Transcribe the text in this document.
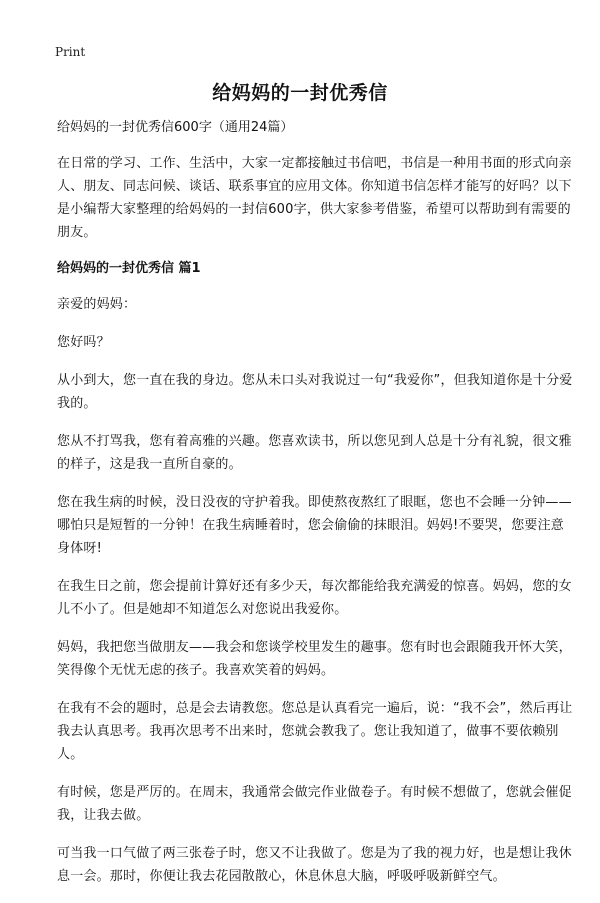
Print
给妈妈的一封优秀信

给妈妈的一封优秀信600字（通用24篇）

在日常的学习、工作、生活中，大家一定都接触过书信吧，书信是一种用书面的形式向亲人、朋友、同志问候、谈话、联系事宜的应用文体。你知道书信怎样才能写的好吗？以下是小编帮大家整理的给妈妈的一封信600字，供大家参考借鉴，希望可以帮助到有需要的朋友。

给妈妈的一封优秀信 篇1

亲爱的妈妈：

您好吗？

从小到大，您一直在我的身边。您从未口头对我说过一句“我爱你”，但我知道你是十分爱我的。

您从不打骂我，您有着高雅的兴趣。您喜欢读书，所以您见到人总是十分有礼貌，很文雅的样子，这是我一直所自豪的。

您在我生病的时候，没日没夜的守护着我。即使熬夜熬红了眼眶，您也不会睡一分钟——哪怕只是短暂的一分钟！在我生病睡着时，您会偷偷的抹眼泪。妈妈!不要哭，您要注意身体呀!

在我生日之前，您会提前计算好还有多少天，每次都能给我充满爱的惊喜。妈妈，您的女儿不小了。但是她却不知道怎么对您说出我爱你。

妈妈，我把您当做朋友——我会和您谈学校里发生的趣事。您有时也会跟随我开怀大笑，笑得像个无忧无虑的孩子。我喜欢笑着的妈妈。

在我有不会的题时，总是会去请教您。您总是认真看完一遍后，说：“我不会”，然后再让我去认真思考。我再次思考不出来时，您就会教我了。您让我知道了，做事不要依赖别人。

有时候，您是严厉的。在周末，我通常会做完作业做卷子。有时候不想做了，您就会催促我，让我去做。

可当我一口气做了两三张卷子时，您又不让我做了。您是为了我的视力好，也是想让我休息一会。那时，你便让我去花园散散心，休息休息大脑，呼吸呼吸新鲜空气。
